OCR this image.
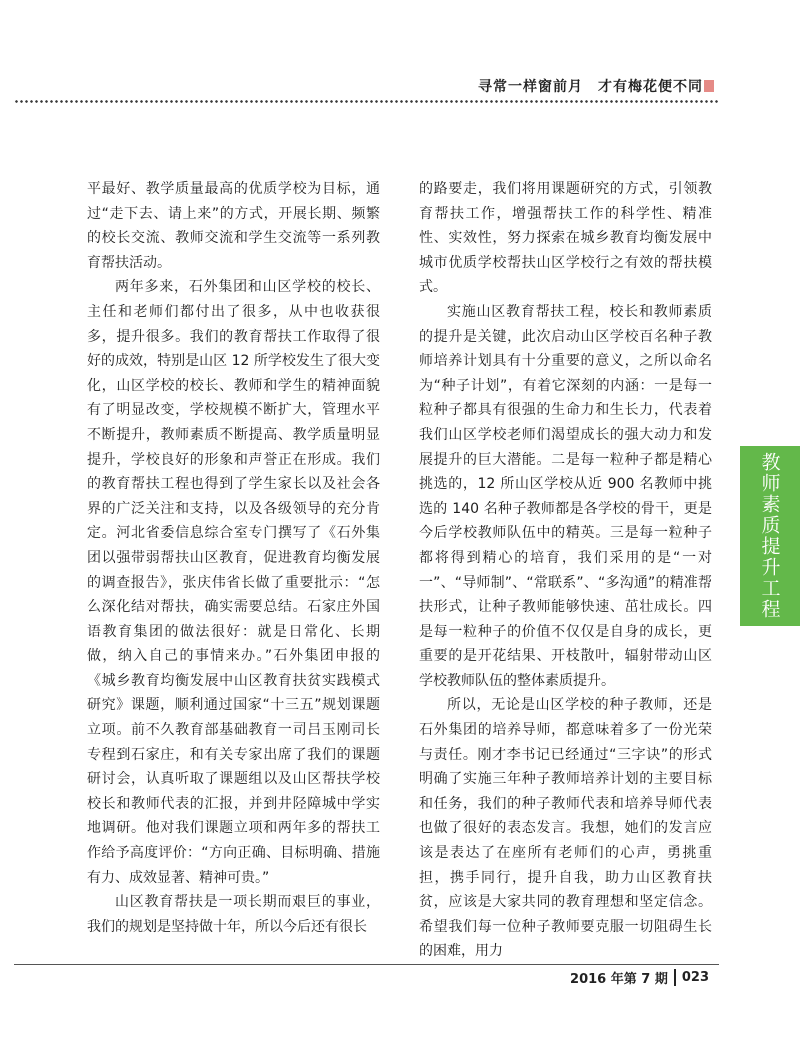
寻常一样窗前月　才有梅花便不同

平最好、教学质量最高的优质学校为目标，通过“走下去、请上来”的方式，开展长期、频繁的校长交流、教师交流和学生交流等一系列教育帮扶活动。

两年多来，石外集团和山区学校的校长、主任和老师们都付出了很多，从中也收获很多，提升很多。我们的教育帮扶工作取得了很好的成效，特别是山区 12 所学校发生了很大变化，山区学校的校长、教师和学生的精神面貌有了明显改变，学校规模不断扩大，管理水平不断提升，教师素质不断提高、教学质量明显提升，学校良好的形象和声誉正在形成。我们的教育帮扶工程也得到了学生家长以及社会各界的广泛关注和支持，以及各级领导的充分肯定。河北省委信息综合室专门撰写了《石外集团以强带弱帮扶山区教育，促进教育均衡发展的调查报告》，张庆伟省长做了重要批示：“怎么深化结对帮扶，确实需要总结。石家庄外国语教育集团的做法很好：就是日常化、长期做，纳入自己的事情来办。”石外集团申报的《城乡教育均衡发展中山区教育扶贫实践模式研究》课题，顺利通过国家“十三五”规划课题立项。前不久教育部基础教育一司吕玉刚司长专程到石家庄，和有关专家出席了我们的课题研讨会，认真听取了课题组以及山区帮扶学校校长和教师代表的汇报，并到井陉障城中学实地调研。他对我们课题立项和两年多的帮扶工作给予高度评价：“方向正确、目标明确、措施有力、成效显著、精神可贵。”

山区教育帮扶是一项长期而艰巨的事业，我们的规划是坚持做十年，所以今后还有很长

的路要走，我们将用课题研究的方式，引领教育帮扶工作，增强帮扶工作的科学性、精准性、实效性，努力探索在城乡教育均衡发展中城市优质学校帮扶山区学校行之有效的帮扶模式。

实施山区教育帮扶工程，校长和教师素质的提升是关键，此次启动山区学校百名种子教师培养计划具有十分重要的意义，之所以命名为“种子计划”，有着它深刻的内涵：一是每一粒种子都具有很强的生命力和生长力，代表着我们山区学校老师们渴望成长的强大动力和发展提升的巨大潜能。二是每一粒种子都是精心挑选的，12 所山区学校从近 900 名教师中挑选的 140 名种子教师都是各学校的骨干，更是今后学校教师队伍中的精英。三是每一粒种子都将得到精心的培育，我们采用的是“一对一”、“导师制”、“常联系”、“多沟通”的精准帮扶形式，让种子教师能够快速、茁壮成长。四是每一粒种子的价值不仅仅是自身的成长，更重要的是开花结果、开枝散叶，辐射带动山区学校教师队伍的整体素质提升。

所以，无论是山区学校的种子教师，还是石外集团的培养导师，都意味着多了一份光荣与责任。刚才李书记已经通过“三字诀”的形式明确了实施三年种子教师培养计划的主要目标和任务，我们的种子教师代表和培养导师代表也做了很好的表态发言。我想，她们的发言应该是表达了在座所有老师们的心声，勇挑重担，携手同行，提升自我，助力山区教育扶贫，应该是大家共同的教育理想和坚定信念。希望我们每一位种子教师要克服一切阻碍生长的困难，用力

教师素质提升工程
2016 年第 7 期 023
